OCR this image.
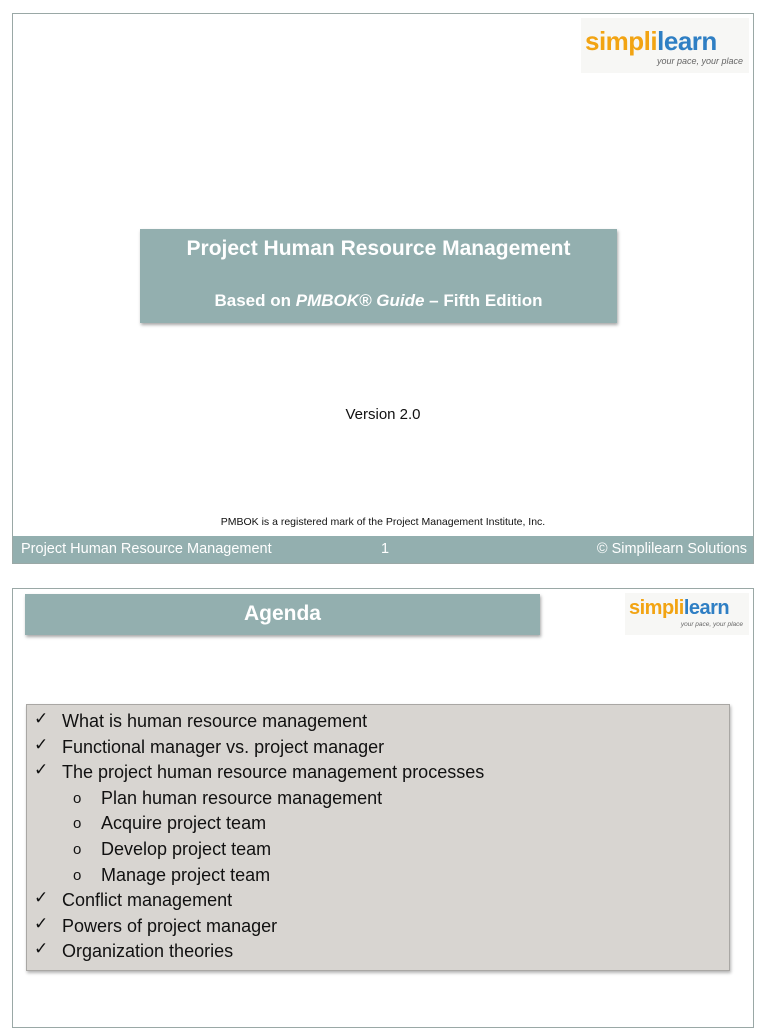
simplilearn
your pace, your place
Project Human Resource Management
Based on PMBOK® Guide – Fifth Edition
Version 2.0
PMBOK is a registered mark of the Project Management Institute, Inc.
Project Human Resource Management	1	© Simplilearn Solutions
Agenda	simplilearn
your pace, your place
✓ What is human resource management
✓ Functional manager vs. project manager
✓ The project human resource management processes
o Plan human resource management
o Acquire project team
o Develop project team
o Manage project team
✓ Conflict management
✓ Powers of project manager
✓ Organization theories
